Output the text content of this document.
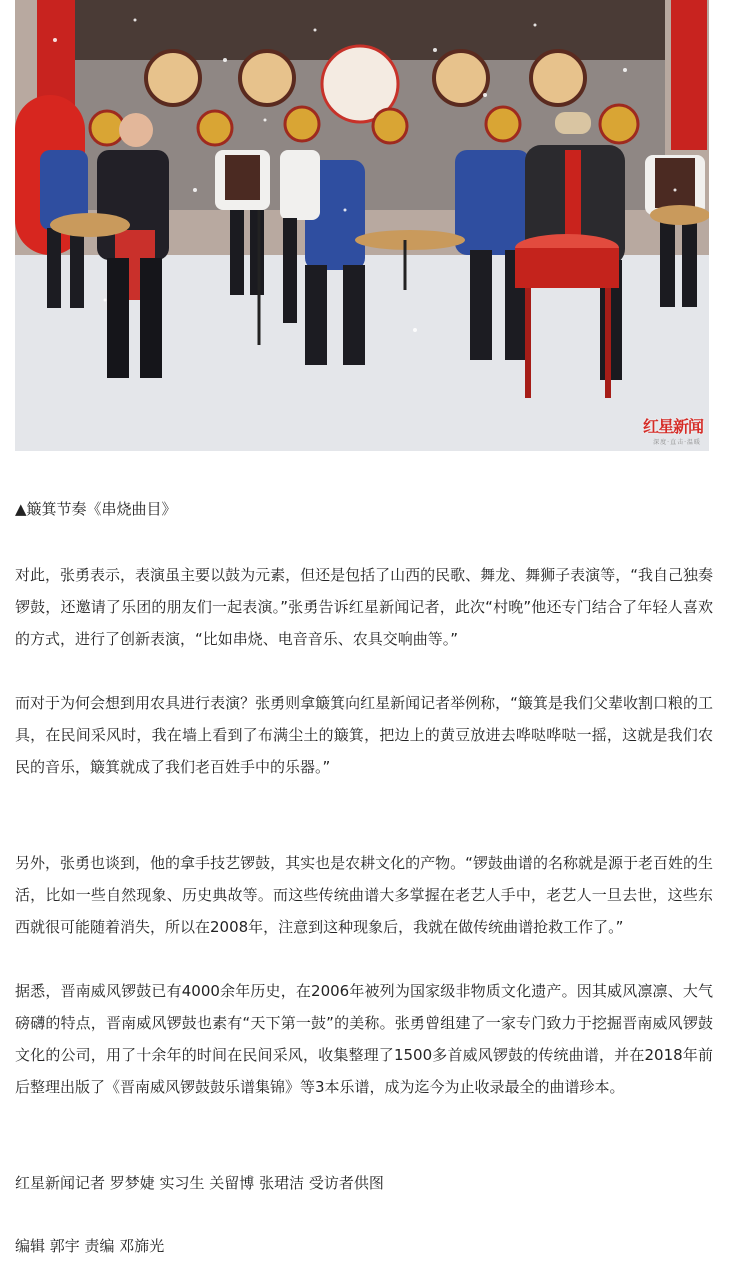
红星新闻
深度·直击·温暖
▲簸箕节奏《串烧曲目》

对此，张勇表示，表演虽主要以鼓为元素，但还是包括了山西的民歌、舞龙、舞狮子表演等，“我自己独奏锣鼓，还邀请了乐团的朋友们一起表演。”张勇告诉红星新闻记者，此次“村晚”他还专门结合了年轻人喜欢的方式，进行了创新表演，“比如串烧、电音音乐、农具交响曲等。”

而对于为何会想到用农具进行表演？张勇则拿簸箕向红星新闻记者举例称，“簸箕是我们父辈收割口粮的工具，在民间采风时，我在墙上看到了布满尘土的簸箕，把边上的黄豆放进去哗哒哗哒一摇，这就是我们农民的音乐，簸箕就成了我们老百姓手中的乐器。”

另外，张勇也谈到，他的拿手技艺锣鼓，其实也是农耕文化的产物。“锣鼓曲谱的名称就是源于老百姓的生活，比如一些自然现象、历史典故等。而这些传统曲谱大多掌握在老艺人手中，老艺人一旦去世，这些东西就很可能随着消失，所以在2008年，注意到这种现象后，我就在做传统曲谱抢救工作了。”

据悉，晋南威风锣鼓已有4000余年历史，在2006年被列为国家级非物质文化遗产。因其威风凛凛、大气磅礴的特点，晋南威风锣鼓也素有“天下第一鼓”的美称。张勇曾组建了一家专门致力于挖掘晋南威风锣鼓文化的公司，用了十余年的时间在民间采风，收集整理了1500多首威风锣鼓的传统曲谱，并在2018年前后整理出版了《晋南威风锣鼓鼓乐谱集锦》等3本乐谱，成为迄今为止收录最全的曲谱珍本。

红星新闻记者 罗梦婕 实习生 关留博 张珺洁 受访者供图

编辑 郭宇 责编 邓旆光
